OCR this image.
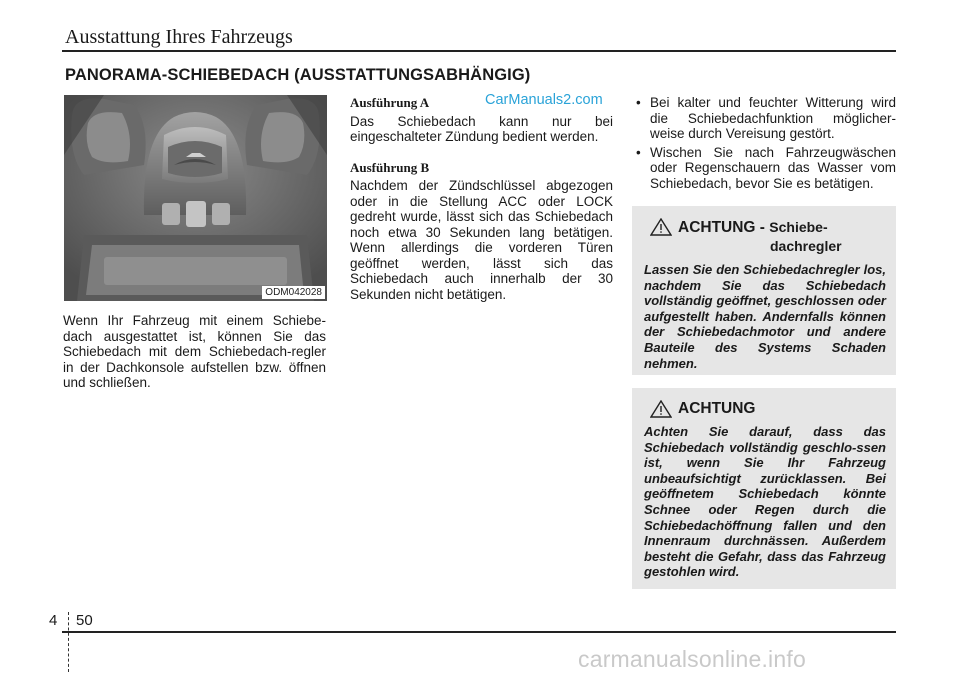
Ausstattung Ihres Fahrzeugs
PANORAMA-SCHIEBEDACH (AUSSTATTUNGSABHÄNGIG)
ODM042028

Wenn Ihr Fahrzeug mit einem Schiebe-dach ausgestattet ist, können Sie das Schiebedach mit dem Schiebedach-regler in der Dachkonsole aufstellen bzw. öffnen und schließen.

Ausführung A

Das Schiebedach kann nur bei eingeschalteter Zündung bedient werden.

Ausführung B

Nachdem der Zündschlüssel abgezogen oder in die Stellung ACC oder LOCK gedreht wurde, lässt sich das Schiebedach noch etwa 30 Sekunden lang betätigen. Wenn allerdings die vorderen Türen geöffnet werden, lässt sich das Schiebedach auch innerhalb der 30 Sekunden nicht betätigen.

CarManuals2.com • Bei kalter und feuchter Witterung wird die Schiebedachfunktion möglicher-weise durch Vereisung gestört.
• Wischen Sie nach Fahrzeugwäschen oder Regenschauern das Wasser vom Schiebedach, bevor Sie es betätigen.
ACHTUNG - Schiebe-
dachregler

Lassen Sie den Schiebedachregler los, nachdem Sie das Schiebedach vollständig geöffnet, geschlossen oder aufgestellt haben. Andernfalls können der Schiebedachmotor und andere Bauteile des Systems Schaden nehmen.

ACHTUNG

Achten Sie darauf, dass das Schiebedach vollständig geschlo-ssen ist, wenn Sie Ihr Fahrzeug unbeaufsichtigt zurücklassen. Bei geöffnetem Schiebedach könnte Schnee oder Regen durch die Schiebedachöffnung fallen und den Innenraum durchnässen. Außerdem besteht die Gefahr, dass das Fahrzeug gestohlen wird.

4 50
carmanualsonline.info
